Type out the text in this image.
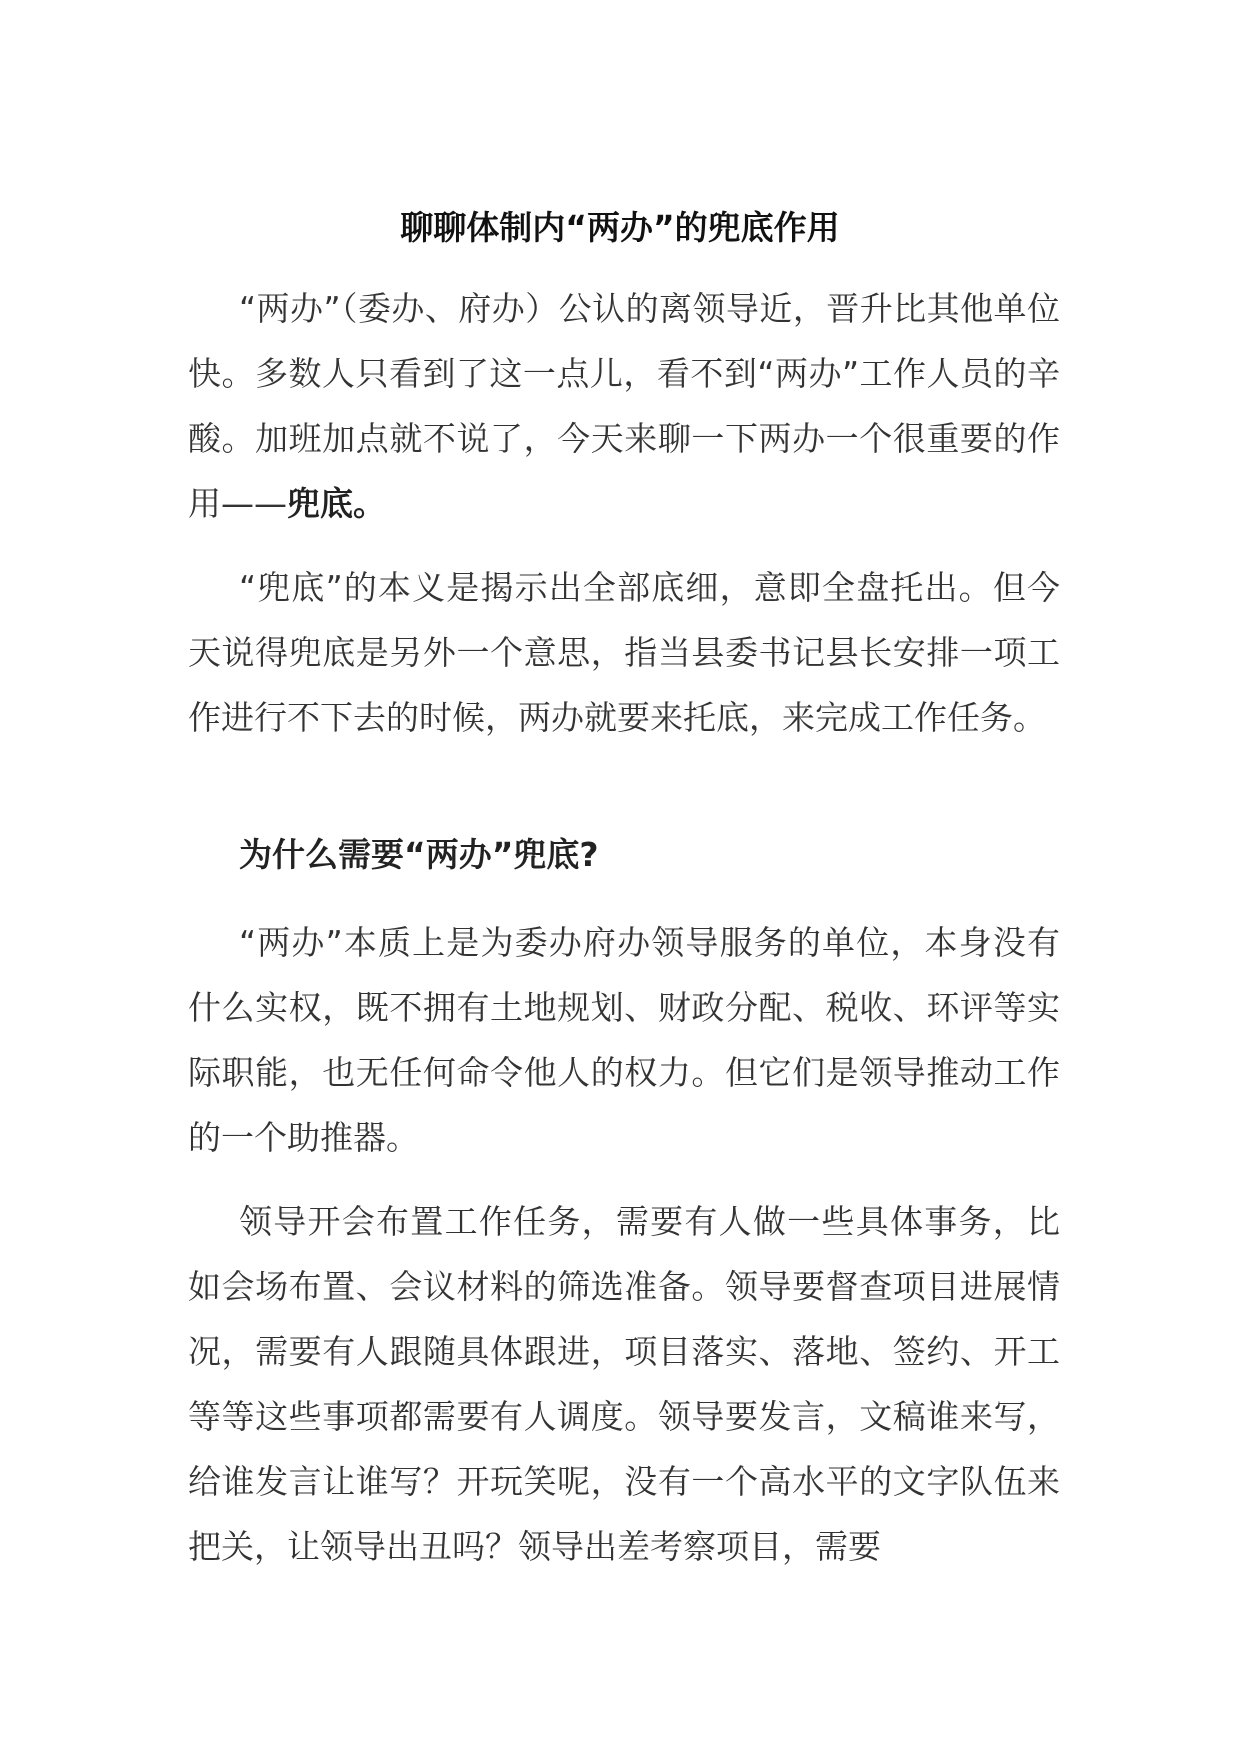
聊聊体制内“两办”的兜底作用

“两办”（委办、府办）公认的离领导近，晋升比其他单位快。多数人只看到了这一点儿，看不到“两办”工作人员的辛酸。加班加点就不说了，今天来聊一下两办一个很重要的作用——兜底。

“兜底”的本义是揭示出全部底细，意即全盘托出。但今天说得兜底是另外一个意思，指当县委书记县长安排一项工作进行不下去的时候，两办就要来托底，来完成工作任务。

为什么需要“两办”兜底?

“两办”本质上是为委办府办领导服务的单位，本身没有什么实权，既不拥有土地规划、财政分配、税收、环评等实际职能，也无任何命令他人的权力。但它们是领导推动工作的一个助推器。

领导开会布置工作任务，需要有人做一些具体事务，比如会场布置、会议材料的筛选准备。领导要督查项目进展情况，需要有人跟随具体跟进，项目落实、落地、签约、开工等等这些事项都需要有人调度。领导要发言，文稿谁来写，给谁发言让谁写？开玩笑呢，没有一个高水平的文字队伍来把关，让领导出丑吗？领导出差考察项目，需要
